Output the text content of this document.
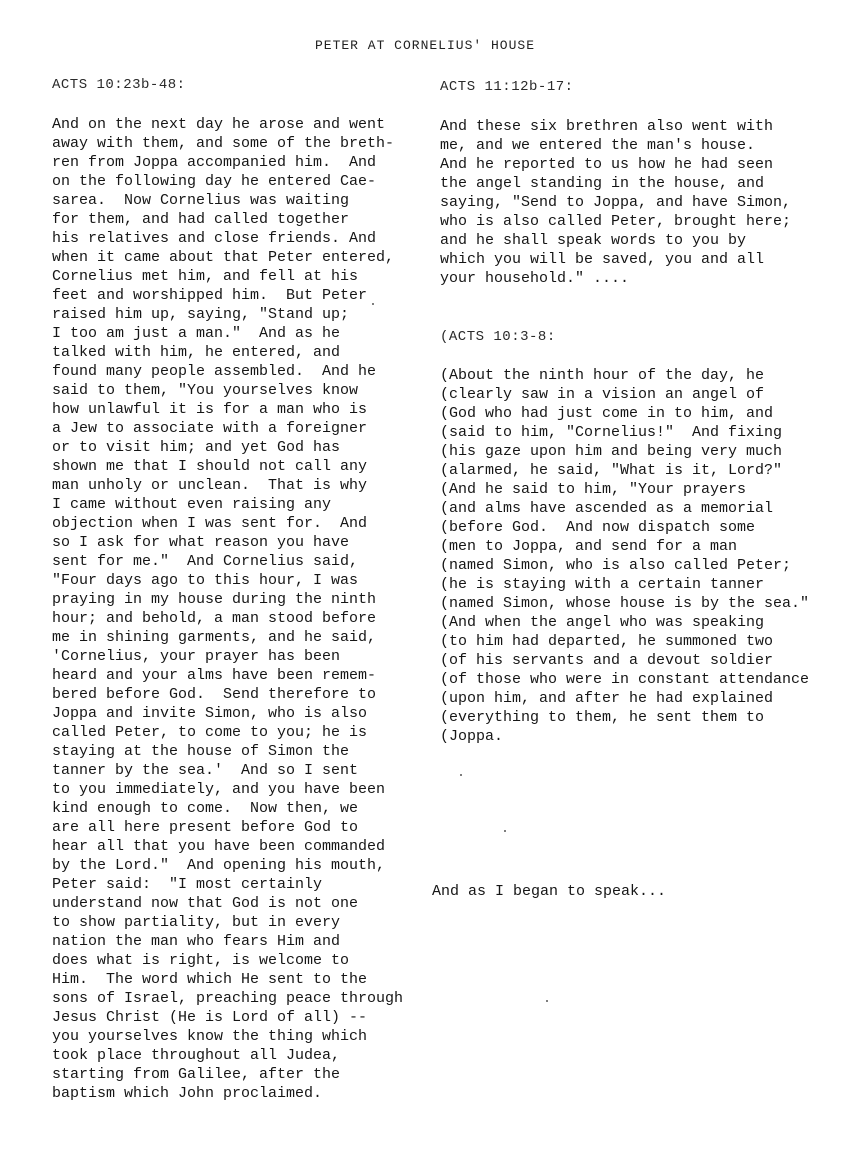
PETER AT CORNELIUS' HOUSE
ACTS 10:23b-48:
And on the next day he arose and went
away with them, and some of the breth-
ren from Joppa accompanied him.  And
on the following day he entered Cae-
sarea.  Now Cornelius was waiting
for them, and had called together
his relatives and close friends. And
when it came about that Peter entered,
Cornelius met him, and fell at his
feet and worshipped him.  But Peter
raised him up, saying, "Stand up;
I too am just a man."  And as he
talked with him, he entered, and
found many people assembled.  And he
said to them, "You yourselves know
how unlawful it is for a man who is
a Jew to associate with a foreigner
or to visit him; and yet God has
shown me that I should not call any
man unholy or unclean.  That is why
I came without even raising any
objection when I was sent for.  And
so I ask for what reason you have
sent for me."  And Cornelius said,
"Four days ago to this hour, I was
praying in my house during the ninth
hour; and behold, a man stood before
me in shining garments, and he said,
'Cornelius, your prayer has been
heard and your alms have been remem-
bered before God.  Send therefore to
Joppa and invite Simon, who is also
called Peter, to come to you; he is
staying at the house of Simon the
tanner by the sea.'  And so I sent
to you immediately, and you have been
kind enough to come.  Now then, we
are all here present before God to
hear all that you have been commanded
by the Lord."  And opening his mouth,
Peter said:  "I most certainly
understand now that God is not one
to show partiality, but in every
nation the man who fears Him and
does what is right, is welcome to
Him.  The word which He sent to the
sons of Israel, preaching peace through
Jesus Christ (He is Lord of all) --
you yourselves know the thing which
took place throughout all Judea,
starting from Galilee, after the
baptism which John proclaimed.
ACTS 11:12b-17:
And these six brethren also went with
me, and we entered the man's house.
And he reported to us how he had seen
the angel standing in the house, and
saying, "Send to Joppa, and have Simon,
who is also called Peter, brought here;
and he shall speak words to you by
which you will be saved, you and all
your household." ....
(ACTS 10:3-8:
(About the ninth hour of the day, he
(clearly saw in a vision an angel of
(God who had just come in to him, and
(said to him, "Cornelius!"  And fixing
(his gaze upon him and being very much
(alarmed, he said, "What is it, Lord?"
(And he said to him, "Your prayers
(and alms have ascended as a memorial
(before God.  And now dispatch some
(men to Joppa, and send for a man
(named Simon, who is also called Peter;
(he is staying with a certain tanner
(named Simon, whose house is by the sea."
(And when the angel who was speaking
(to him had departed, he summoned two
(of his servants and a devout soldier
(of those who were in constant attendance
(upon him, and after he had explained
(everything to them, he sent them to
(Joppa.
And as I began to speak...
